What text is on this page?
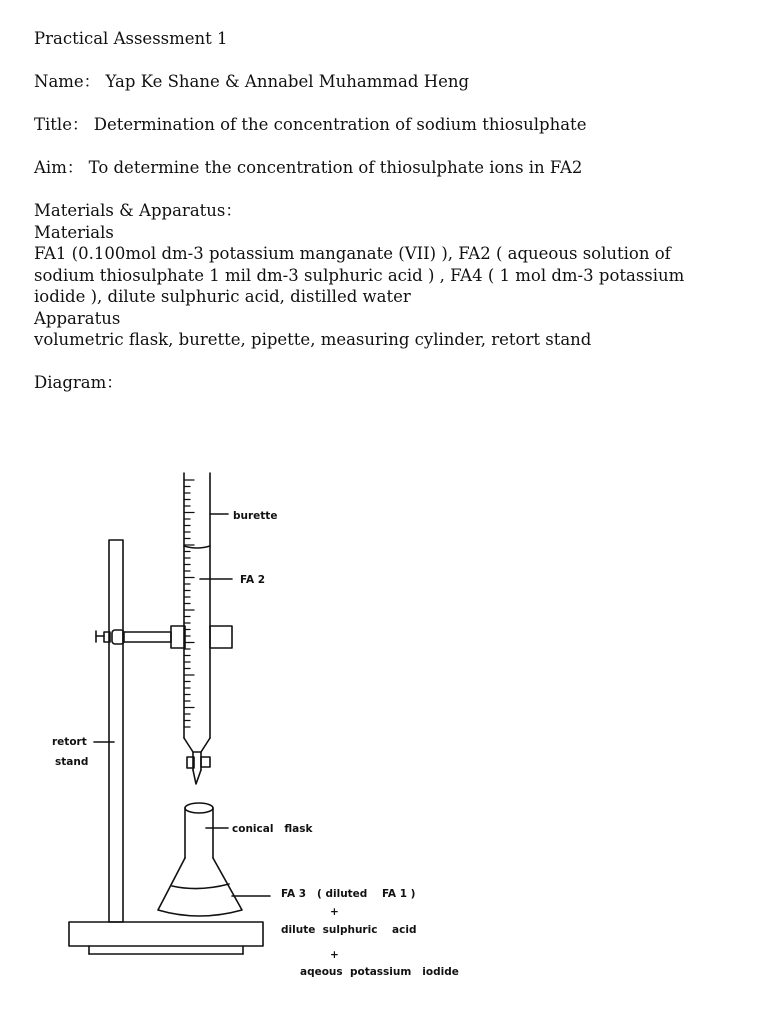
Practical Assessment 1

Name： Yap Ke Shane & Annabel Muhammad Heng

Title： Determination of the concentration of sodium thiosulphate

Aim： To determine the concentration of thiosulphate ions in FA2

Materials & Apparatus：

Materials

FA1 (0.100mol dm-3 potassium manganate (VII) ), FA2 ( aqueous solution of sodium thiosulphate 1 mil dm-3 sulphuric acid ) , FA4 ( 1 mol dm-3 potassium iodide ), dilute sulphuric acid, distilled water

Apparatus

volumetric flask, burette, pipette, measuring cylinder, retort stand

Diagram：

burette
FA 2
retort
stand
conical   flask
FA 3   ( diluted    FA 1 )
+
dilute  sulphuric    acid
+
aqeous  potassium   iodide
